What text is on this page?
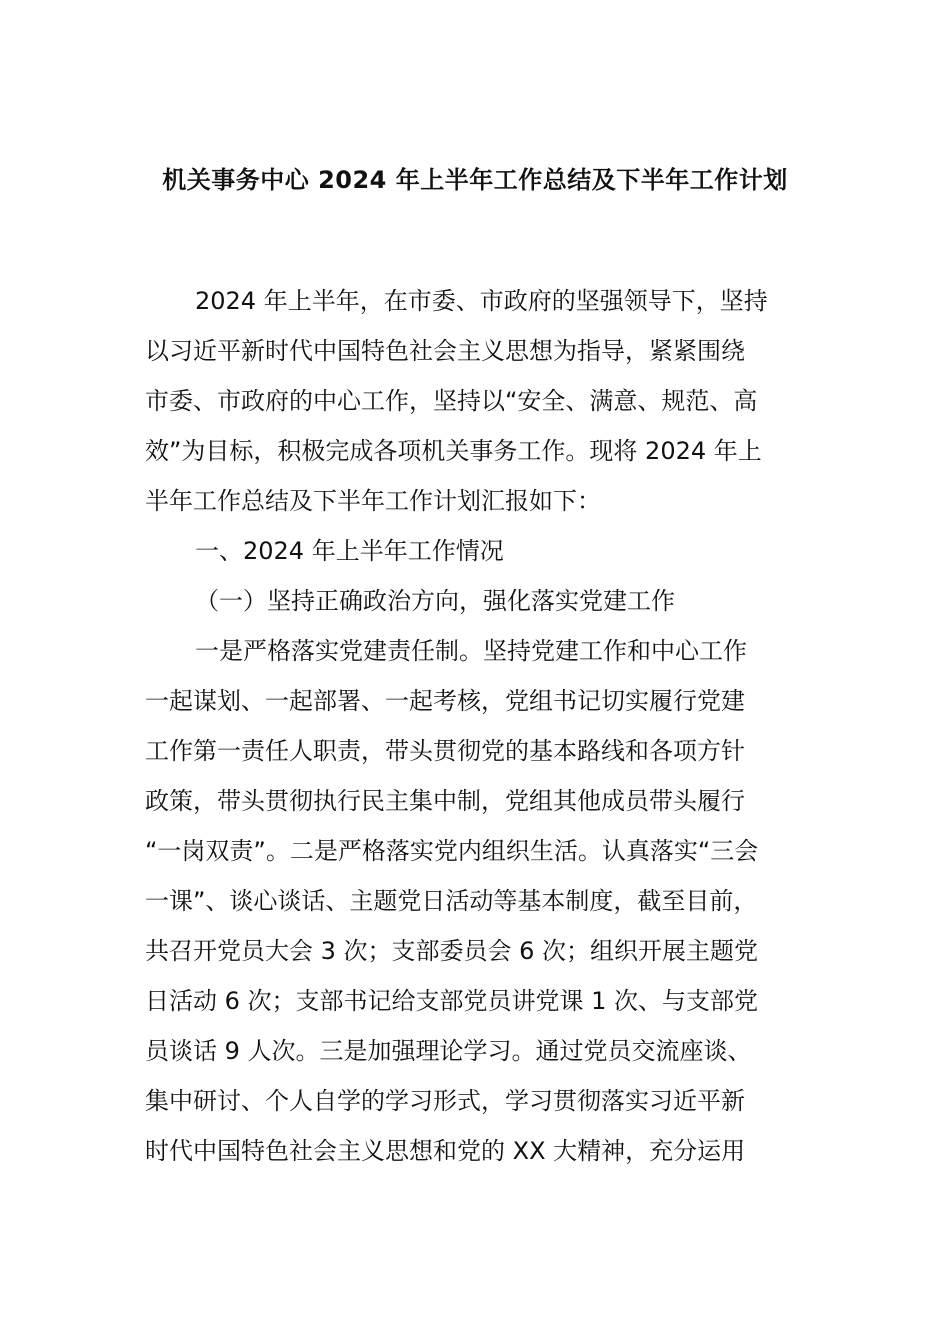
机关事务中心 2024 年上半年工作总结及下半年工作计划
2024 年上半年，在市委、市政府的坚强领导下，坚持
以习近平新时代中国特色社会主义思想为指导，紧紧围绕
市委、市政府的中心工作，坚持以“安全、满意、规范、高
效”为目标，积极完成各项机关事务工作。现将 2024 年上
半年工作总结及下半年工作计划汇报如下：
一、2024 年上半年工作情况
（一）坚持正确政治方向，强化落实党建工作
一是严格落实党建责任制。坚持党建工作和中心工作
一起谋划、一起部署、一起考核，党组书记切实履行党建
工作第一责任人职责，带头贯彻党的基本路线和各项方针
政策，带头贯彻执行民主集中制，党组其他成员带头履行
“一岗双责”。二是严格落实党内组织生活。认真落实“三会
一课”、谈心谈话、主题党日活动等基本制度，截至目前，
共召开党员大会 3 次；支部委员会 6 次；组织开展主题党
日活动 6 次；支部书记给支部党员讲党课 1 次、与支部党
员谈话 9 人次。三是加强理论学习。通过党员交流座谈、
集中研讨、个人自学的学习形式，学习贯彻落实习近平新
时代中国特色社会主义思想和党的 XX 大精神，充分运用
